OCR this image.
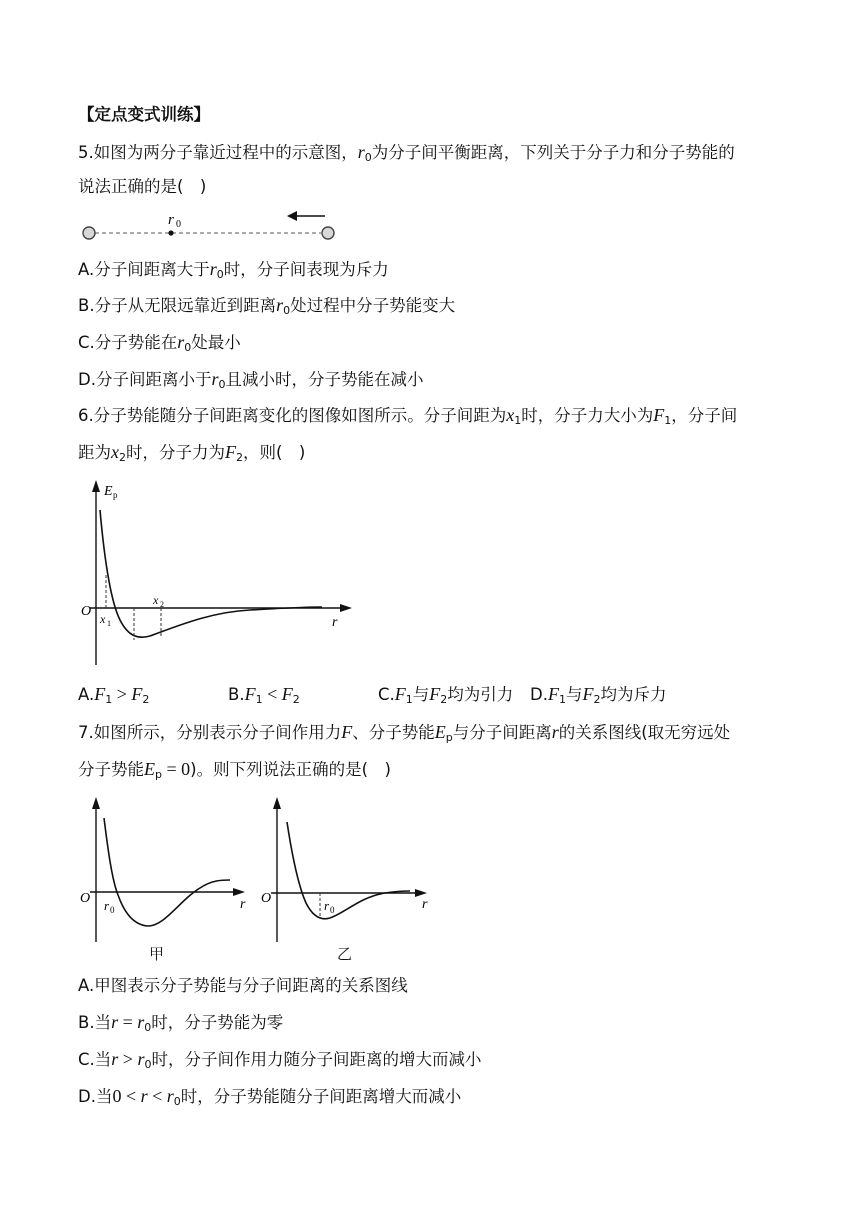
【定点变式训练】
5.如图为两分子靠近过程中的示意图，$r_0$为分子间平衡距离，下列关于分子力和分子势能的
说法正确的是(　)
r 0
A.分子间距离大于$r_0$时，分子间表现为斥力
B.分子从无限远靠近到距离$r_0$处过程中分子势能变大
C.分子势能在$r_0$处最小
D.分子间距离小于$r_0$且减小时，分子势能在减小
6.分子势能随分子间距离变化的图像如图所示。分子间距为$x_1$时，分子力大小为$F_1$，分子间
距为$x_2$时，分子力为$F_2$，则(　)
E p
O
r
x 1
x 2
$A.F_1 > F_2$	$B.F_1 < F_2$	$C.F_1$与$F_2$均为引力 $D.F_1$与$F_2$均为斥力
7.如图所示，分别表示分子间作用力F、分子势能$E_p$与分子间距离r的关系图线(取无穷远处
分子势能$E_p = 0$)。则下列说法正确的是(　)
O r 0	r O	r 0	r
甲	乙
A.甲图表示分子势能与分子间距离的关系图线
B.当$r = r_0$时，分子势能为零
C.当$r > r_0$时，分子间作用力随分子间距离的增大而减小
D.当$0 < r < r_0$时，分子势能随分子间距离增大而减小
